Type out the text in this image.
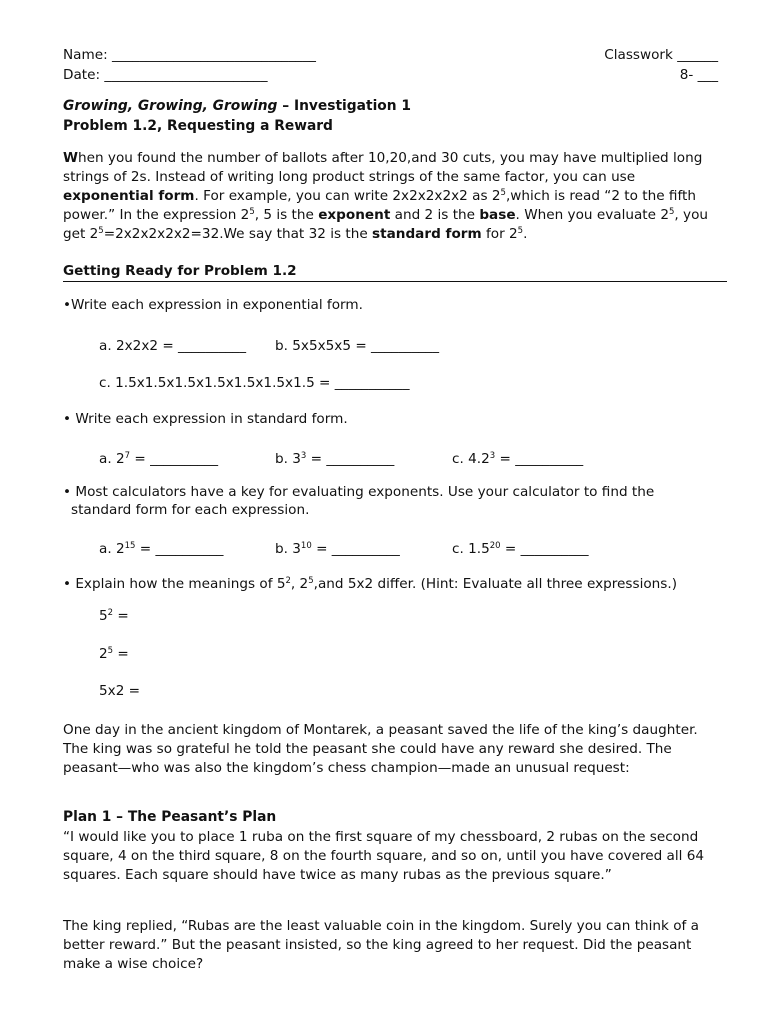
Name: ______________________________	Classwork ______
Date: ________________________	8- ___
Growing, Growing, Growing – Investigation 1
Problem 1.2, Requesting a Reward
When you found the number of ballots after 10,20,and 30 cuts, you may have multiplied long strings of 2s. Instead of writing long product strings of the same factor, you can use exponential form. For example, you can write 2x2x2x2x2 as $2^5,which$ is read “2 to the fifth power.” In the expression $2^5$, 5 is the exponent and 2 is the base. When you evaluate $2^5$, you get $2^5=2x2x2x2x2=32.We$ say that 32 is the standard form for $2^5$.
Getting Ready for Problem 1.2
•Write each expression in exponential form.
a. 2x2x2 = __________ b. 5x5x5x5 = __________
c. 1.5x1.5x1.5x1.5x1.5x1.5x1.5 = ___________
• Write each expression in standard form.
a. $2^7$ = __________	b. $3^3$ = __________	c. $4.2^3$ = __________
• Most calculators have a key for evaluating exponents. Use your calculator to find the
standard form for each expression.
a. $2^{15}$ = __________	b. $3^{10}$ = __________	c. $1.5^{20}$ = __________
• Explain how the meanings of $5^2$, $2^5,and$ 5x2 differ. (Hint: Evaluate all three expressions.)
$5^2$ =
$2^5$ =
5x2 =
One day in the ancient kingdom of Montarek, a peasant saved the life of the king’s daughter. The king was so grateful he told the peasant she could have any reward she desired. The peasant—who was also the kingdom’s chess champion—made an unusual request:
Plan 1 – The Peasant’s Plan
“I would like you to place 1 ruba on the first square of my chessboard, 2 rubas on the second square, 4 on the third square, 8 on the fourth square, and so on, until you have covered all 64 squares. Each square should have twice as many rubas as the previous square.”
The king replied, “Rubas are the least valuable coin in the kingdom. Surely you can think of a better reward.” But the peasant insisted, so the king agreed to her request. Did the peasant make a wise choice?
